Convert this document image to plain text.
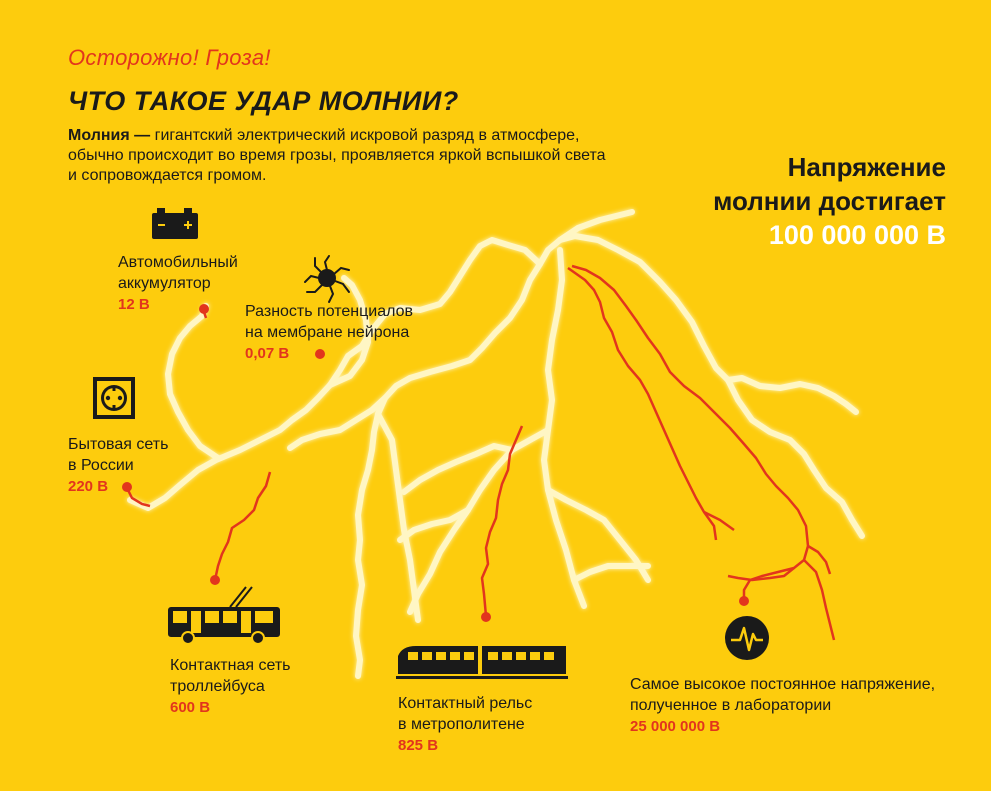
Осторожно! Гроза!
ЧТО ТАКОЕ УДАР МОЛНИИ?
Молния — гигантский электрический искровой разряд в атмосфере,
обычно происходит во время грозы, проявляется яркой вспышкой света
и сопровождается громом.	Напряжение
молнии достигает
100 000 000 В
Автомобильный
аккумулятор
12 В	Разность потенциалов
на мембране нейрона
0,07 В
Бытовая сеть
в России
220 В
Контактная сеть
троллейбуса
600 В	Контактный рельс
в метрополитене
825 В
Самое высокое постоянное напряжение,
полученное в лаборатории
25 000 000 В
